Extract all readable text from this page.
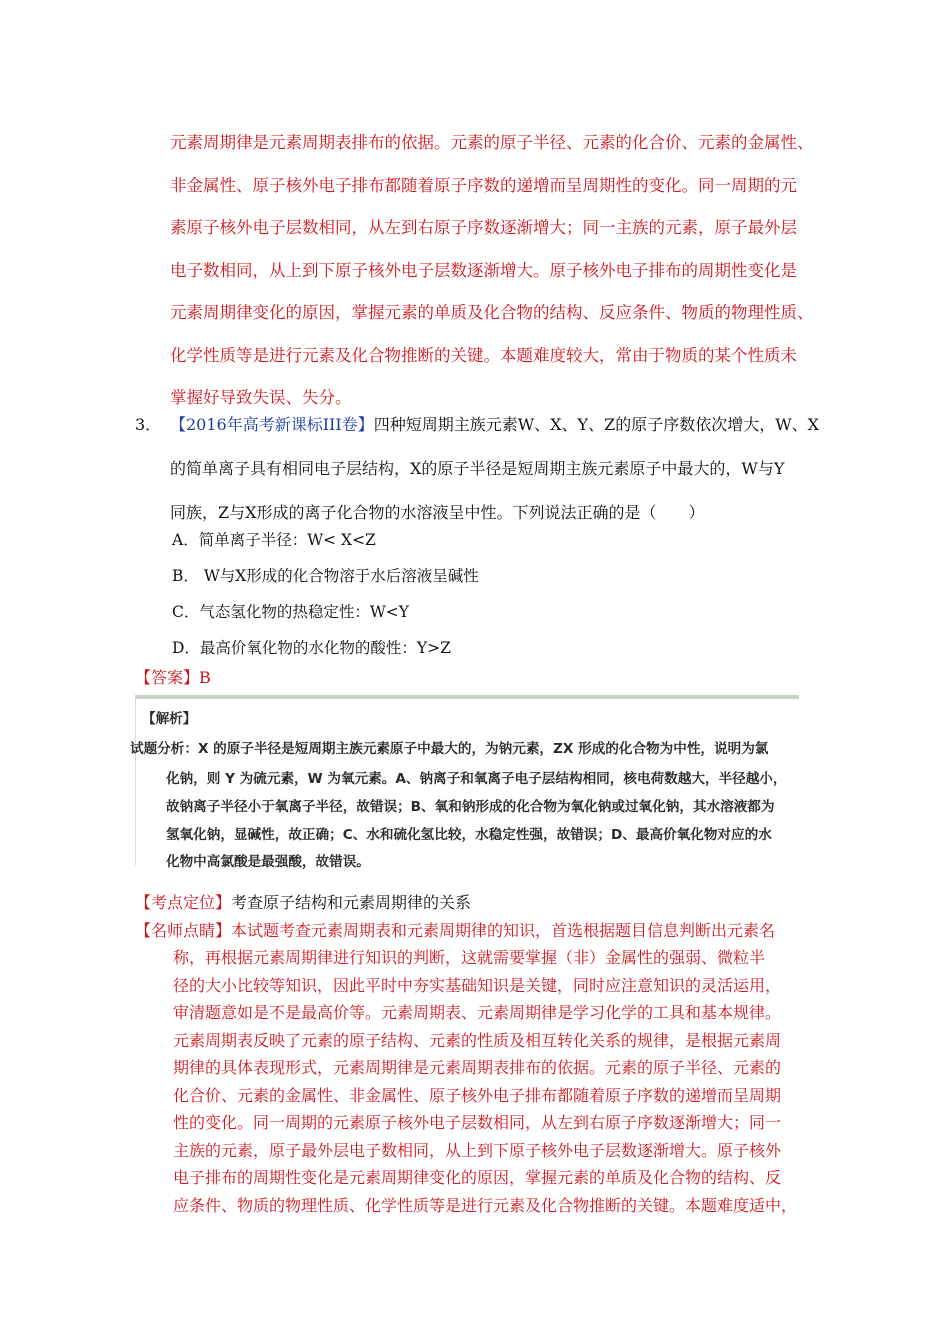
元素周期律是元素周期表排布的依据。元素的原子半径、元素的化合价、元素的金属性、
非金属性、原子核外电子排布都随着原子序数的递增而呈周期性的变化。同一周期的元
素原子核外电子层数相同，从左到右原子序数逐渐增大；同一主族的元素，原子最外层
电子数相同，从上到下原子核外电子层数逐渐增大。原子核外电子排布的周期性变化是
元素周期律变化的原因，掌握元素的单质及化合物的结构、反应条件、物质的物理性质、
化学性质等是进行元素及化合物推断的关键。本题难度较大，常由于物质的某个性质未
掌握好导致失误、失分。
3． 【2016年高考新课标III卷】四种短周期主族元素W、X、Y、Z的原子序数依次增大，W、X
的简单离子具有相同电子层结构，X的原子半径是短周期主族元素原子中最大的，W与Y
同族，Z与X形成的离子化合物的水溶液呈中性。下列说法正确的是（　　）
A．简单离子半径：W< X<Z
B． W与X形成的化合物溶于水后溶液呈碱性
C．气态氢化物的热稳定性：W<Y
D．最高价氧化物的水化物的酸性：Y>Z
【答案】B
【解析】
试题分析：X 的原子半径是短周期主族元素原子中最大的，为钠元素，ZX 形成的化合物为中性，说明为氯
化钠，则 Y 为硫元素，W 为氧元素。A、钠离子和氧离子电子层结构相同，核电荷数越大，半径越小，
故钠离子半径小于氧离子半径，故错误；B、氧和钠形成的化合物为氧化钠或过氧化钠，其水溶液都为
氢氧化钠，显碱性，故正确；C、水和硫化氢比较，水稳定性强，故错误；D、最高价氧化物对应的水
化物中高氯酸是最强酸，故错误。
【考点定位】考查原子结构和元素周期律的关系
【名师点睛】本试题考查元素周期表和元素周期律的知识，首选根据题目信息判断出元素名
称，再根据元素周期律进行知识的判断，这就需要掌握（非）金属性的强弱、微粒半
径的大小比较等知识，因此平时中夯实基础知识是关键，同时应注意知识的灵活运用，
审清题意如是不是最高价等。元素周期表、元素周期律是学习化学的工具和基本规律。
元素周期表反映了元素的原子结构、元素的性质及相互转化关系的规律，是根据元素周
期律的具体表现形式，元素周期律是元素周期表排布的依据。元素的原子半径、元素的
化合价、元素的金属性、非金属性、原子核外电子排布都随着原子序数的递增而呈周期
性的变化。同一周期的元素原子核外电子层数相同，从左到右原子序数逐渐增大；同一
主族的元素，原子最外层电子数相同，从上到下原子核外电子层数逐渐增大。原子核外
电子排布的周期性变化是元素周期律变化的原因，掌握元素的单质及化合物的结构、反
应条件、物质的物理性质、化学性质等是进行元素及化合物推断的关键。本题难度适中，
